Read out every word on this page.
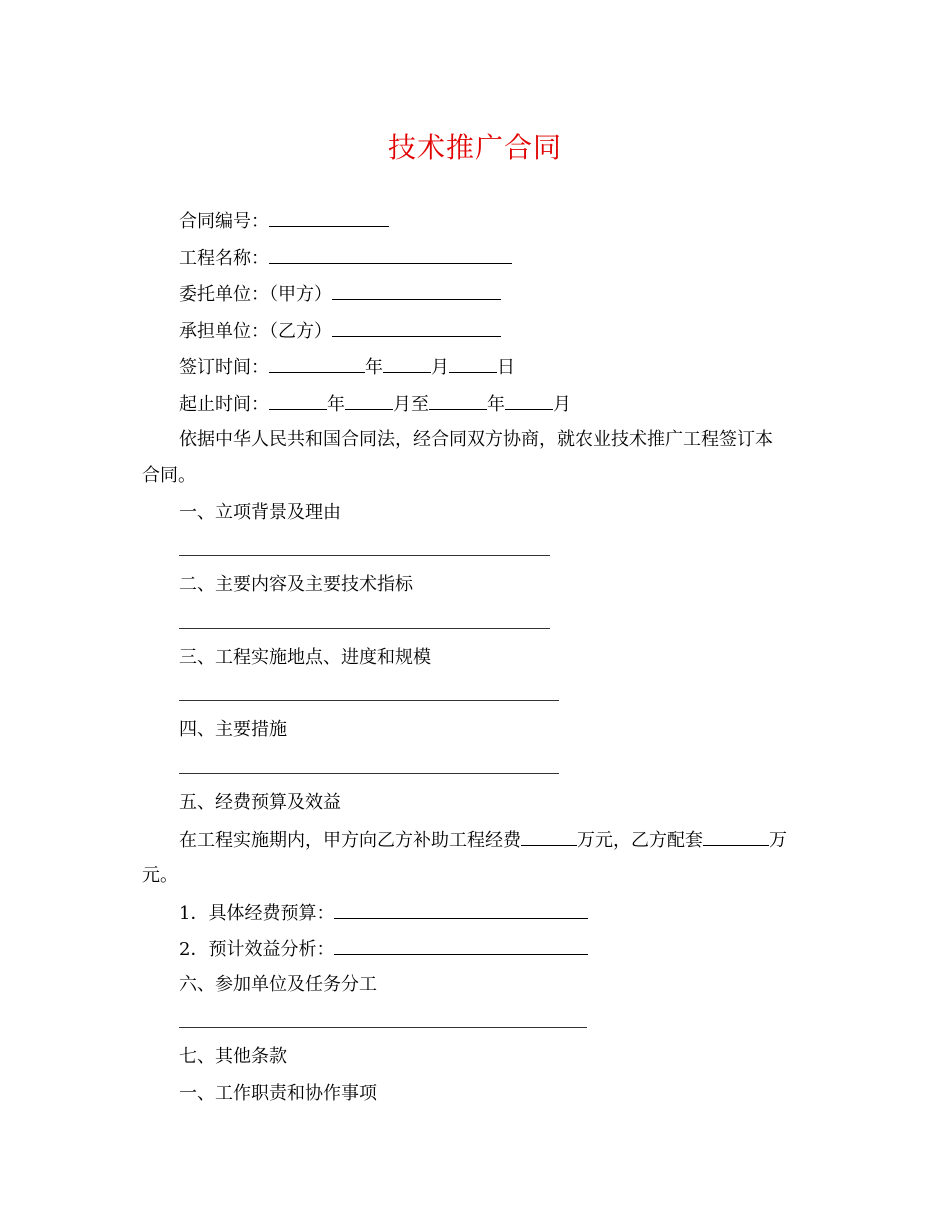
技术推广合同
合同编号：
工程名称：
委托单位：（甲方）
承担单位：（乙方）
签订时间：	年	月	日
起止时间：	年	月至	年	月
依据中华人民共和国合同法，经合同双方协商，就农业技术推广工程签订本
合同。
一、立项背景及理由
二、主要内容及主要技术指标
三、工程实施地点、进度和规模
四、主要措施
五、经费预算及效益
在工程实施期内，甲方向乙方补助工程经费	万元，乙方配套	万
元。
1．具体经费预算：
2．预计效益分析：
六、参加单位及任务分工
七、其他条款
一、工作职责和协作事项
